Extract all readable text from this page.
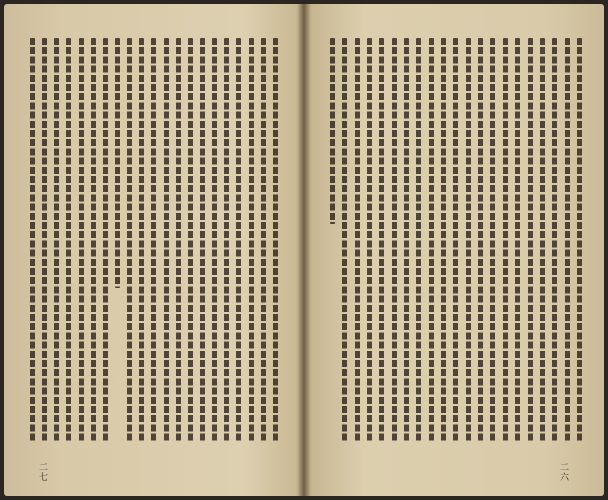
二七	二六
